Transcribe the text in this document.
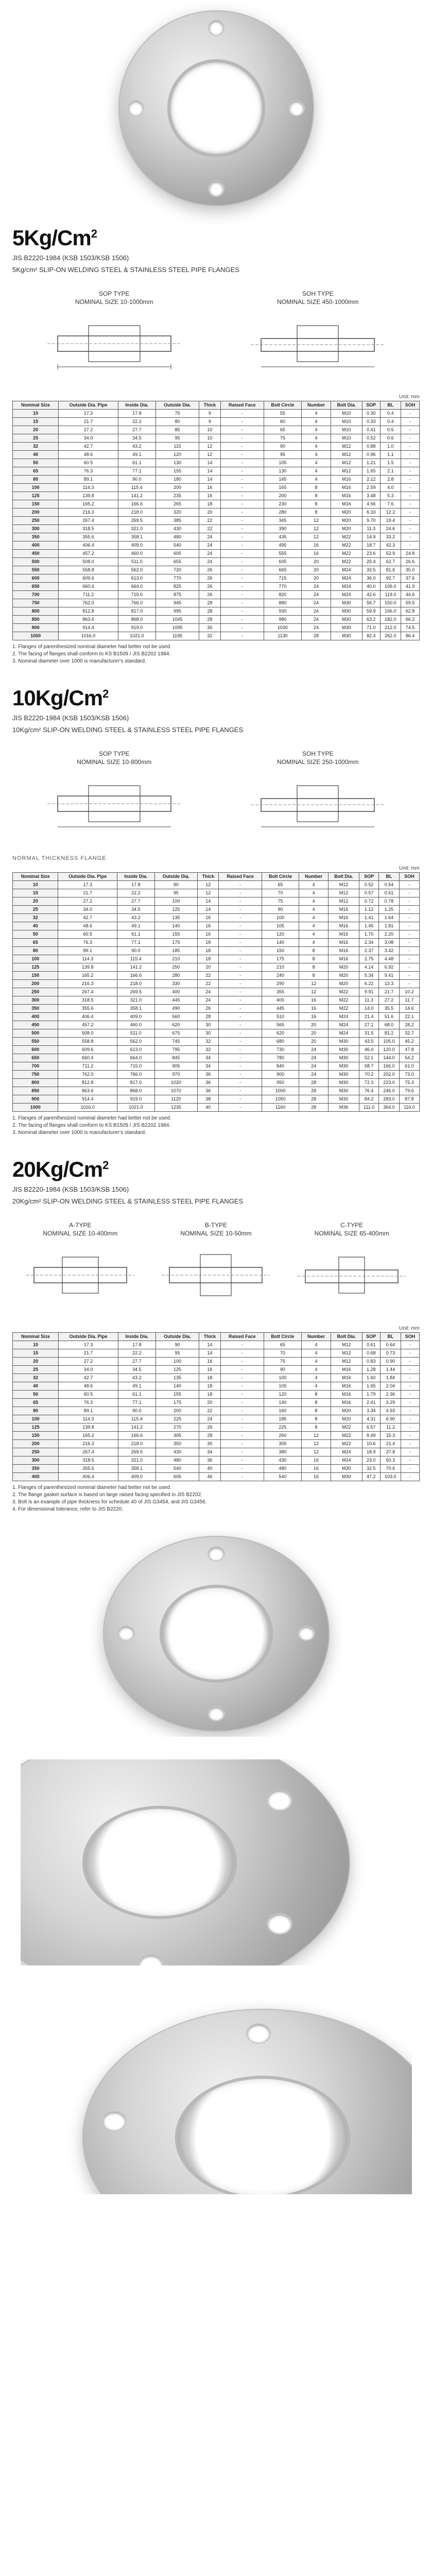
5Kg/Cm$^2$
JIS B2220-1984 (KSB 1503/KSB 1506)
5Kg/cm² SLIP-ON WELDING STEEL & STAINLESS STEEL PIPE FLANGES
SOP TYPE
NOMINAL SIZE 10-1000mm
SOH TYPE
NOMINAL SIZE 450-1000mm
Unit: mm
Nominal Size	Outside Dia. Pipe	Inside Dia.	Outside Dia.	Thick	Raised Face	Bolt Circle	Number	Bolt Dia.	SOP	BL	SOH
10	17.3	17.8	75	9	-	55	4	M10	0.30	0.4	-
15	21.7	22.2	80	9	-	60	4	M10	0.33	0.4	-
20	27.2	27.7	85	10	-	65	4	M10	0.41	0.5	-
25	34.0	34.5	95	10	-	75	4	M10	0.52	0.6	-
32	42.7	43.2	115	12	-	90	4	M12	0.88	1.0	-
40	48.6	49.1	120	12	-	95	4	M12	0.96	1.1	-
50	60.5	61.1	130	14	-	105	4	M12	1.21	1.5	-
65	76.3	77.1	155	14	-	130	4	M12	1.65	2.1	-
80	89.1	90.0	180	14	-	145	4	M16	2.12	2.8	-
100	114.3	115.4	200	16	-	165	8	M16	2.59	4.0	-
125	139.8	141.2	235	16	-	200	8	M16	3.48	5.3	-
150	165.2	166.6	265	18	-	230	8	M16	4.56	7.6	-
200	216.3	218.0	320	20	-	280	8	M20	6.33	12.2	-
250	267.4	269.5	385	22	-	345	12	M20	9.70	19.4	-
300	318.5	321.0	430	22	-	390	12	M20	11.3	24.6	-
350	355.6	358.1	480	24	-	435	12	M22	14.9	33.2	-
400	406.4	409.0	540	24	-	495	16	M22	18.7	42.3	-
450	457.2	460.0	605	24	-	555	16	M22	23.6	52.9	24.8
500	508.0	511.0	655	24	-	605	20	M22	25.4	62.7	26.6
550	558.8	562.0	720	26	-	665	20	M24	33.5	81.6	35.0
600	609.6	613.0	770	26	-	715	20	M24	36.0	92.7	37.6
650	660.4	664.0	825	26	-	770	24	M24	40.0	106.0	41.9
700	711.2	715.0	875	26	-	820	24	M24	42.6	119.0	44.6
750	762.0	766.0	945	28	-	880	24	M30	56.7	150.0	59.5
800	812.8	817.0	995	28	-	930	24	M30	59.9	166.0	62.8
850	863.6	868.0	1045	28	-	980	24	M30	63.2	182.0	66.2
900	914.4	919.0	1095	30	-	1030	24	M30	71.0	212.0	74.5
1000	1016.0	1021.0	1195	32	-	1130	28	M30	82.4	262.0	86.4
1. Flanges of parenthesized nominal diameter had better not be used.
2. The facing of flanges shall conform to KS B1509 / JIS B2202 1984.
3. Nominal diameter over 1000 is manufacturer's standard.
10Kg/Cm$^2$
JIS B2220-1984 (KSB 1503/KSB 1506)
10Kg/cm² SLIP-ON WELDING STEEL & STAINLESS STEEL PIPE FLANGES
SOP TYPE
NOMINAL SIZE 10-800mm
SOH TYPE
NOMINAL SIZE 250-1000mm
NORMAL THICKNESS FLANGE
Unit: mm
Nominal Size	Outside Dia. Pipe	Inside Dia.	Outside Dia.	Thick	Raised Face	Bolt Circle	Number	Bolt Dia.	SOP	BL	SOH
10	17.3	17.8	90	12	-	65	4	M12	0.52	0.54	-
15	21.7	22.2	95	12	-	70	4	M12	0.57	0.61	-
20	27.2	27.7	100	14	-	75	4	M12	0.72	0.78	-
25	34.0	34.5	125	14	-	90	4	M16	1.12	1.25	-
32	42.7	43.2	135	16	-	100	4	M16	1.41	1.64	-
40	48.6	49.1	140	16	-	105	4	M16	1.45	1.81	-
50	60.5	61.1	155	16	-	120	4	M16	1.70	2.20	-
65	76.3	77.1	175	18	-	140	4	M16	2.34	3.08	-
80	89.1	90.0	185	18	-	150	8	M16	2.37	3.42	-
100	114.3	115.4	210	18	-	175	8	M16	2.75	4.48	-
125	139.8	141.2	250	20	-	210	8	M20	4.14	6.92	-
150	165.2	166.6	280	22	-	240	8	M20	5.34	9.41	-
200	216.3	218.0	330	22	-	290	12	M20	6.22	13.3	-
250	267.4	269.5	400	24	-	355	12	M22	9.91	21.7	10.2
300	318.5	321.0	445	24	-	400	16	M22	11.3	27.2	11.7
350	355.6	358.1	490	26	-	445	16	M22	14.0	35.5	14.6
400	406.4	409.0	560	28	-	510	16	M24	21.4	51.6	22.1
450	457.2	460.0	620	30	-	565	20	M24	27.1	68.0	28.2
500	508.0	511.0	675	30	-	620	20	M24	31.5	81.2	32.7
550	558.8	562.0	745	32	-	680	20	M30	43.5	105.0	45.2
600	609.6	613.0	795	32	-	730	24	M30	46.0	120.0	47.8
650	660.4	664.0	845	34	-	780	24	M30	52.1	144.0	54.2
700	711.2	715.0	905	34	-	840	24	M30	58.7	166.0	61.0
750	762.0	766.0	970	36	-	900	24	M30	70.2	202.0	73.0
800	812.8	817.0	1020	36	-	950	28	M30	72.3	223.0	75.3
850	863.6	868.0	1070	36	-	1000	28	M30	76.4	246.0	79.6
900	914.4	919.0	1120	38	-	1050	28	M30	84.2	283.0	87.8
1000	1016.0	1021.0	1235	40	-	1160	28	M36	111.0	364.0	116.0
1. Flanges of parenthesized nominal diameter had better not be used.
2. The facing of flanges shall conform to KS B1509 / JIS B2202 1984.
3. Nominal diameter over 1000 is manufacturer's standard.
20Kg/Cm$^2$
JIS B2220-1984 (KSB 1503/KSB 1506)
20Kg/cm² SLIP-ON WELDING STEEL & STAINLESS STEEL PIPE FLANGES
A-TYPE
NOMINAL SIZE 10-400mm
B-TYPE
NOMINAL SIZE 10-50mm
C-TYPE
NOMINAL SIZE 65-400mm
Unit: mm
Nominal Size	Outside Dia. Pipe	Inside Dia.	Outside Dia.	Thick	Raised Face	Bolt Circle	Number	Bolt Dia.	SOP	BL	SOH
10	17.3	17.8	90	14	-	65	4	M12	0.61	0.64	-
15	21.7	22.2	95	14	-	70	4	M12	0.68	0.73	-
20	27.2	27.7	100	16	-	75	4	M12	0.83	0.90	-
25	34.0	34.5	125	16	-	90	4	M16	1.28	1.44	-
32	42.7	43.2	135	18	-	100	4	M16	1.60	1.84	-
40	48.6	49.1	140	18	-	105	4	M16	1.65	2.04	-
50	60.5	61.1	155	18	-	120	8	M16	1.79	2.36	-
65	76.3	77.1	175	20	-	140	8	M16	2.41	3.29	-
80	89.1	90.0	200	22	-	160	8	M20	3.34	4.93	-
100	114.3	115.4	225	24	-	185	8	M20	4.31	6.90	-
125	139.8	141.2	270	26	-	225	8	M22	6.57	11.2	-
150	165.2	166.6	305	28	-	260	12	M22	8.49	15.3	-
200	216.3	218.0	350	30	-	305	12	M22	10.6	21.4	-
250	267.4	269.5	430	34	-	380	12	M24	18.9	37.8	-
300	318.5	321.0	480	36	-	430	16	M24	23.0	50.3	-
350	355.6	358.1	540	40	-	480	16	M30	32.5	70.6	-
400	406.4	409.0	605	46	-	540	16	M30	47.2	103.0	-
1. Flanges of parenthesized nominal diameter had better not be used.
2. The flange gasket surface is based on large raised facing specified in JIS B2202.
3. Bolt is an example of pipe thickness for schedule 40 of JIS G3454, and JIS G3456.
4. For dimensional tolerance, refer to JIS B2220.
